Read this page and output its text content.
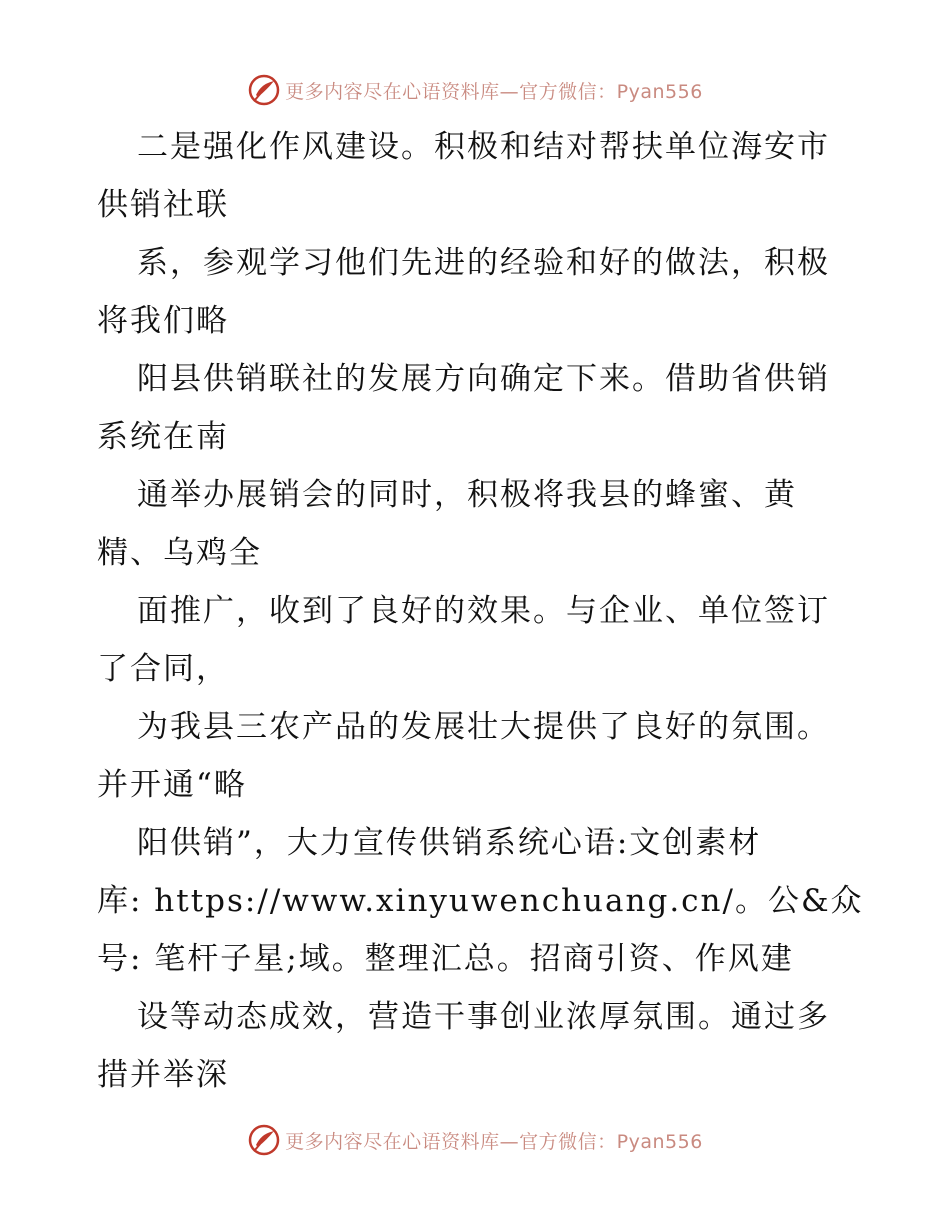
更多内容尽在心语资料库—官方微信：Pyan556
二是强化作风建设。积极和结对帮扶单位海安市
供销社联
系，参观学习他们先进的经验和好的做法，积极
将我们略
阳县供销联社的发展方向确定下来。借助省供销
系统在南
通举办展销会的同时，积极将我县的蜂蜜、黄
精、乌鸡全
面推广，收到了良好的效果。与企业、单位签订
了合同，
为我县三农产品的发展壮大提供了良好的氛围。
并开通“略
阳供销”，大力宣传供销系统心语:文创素材
库: https://www.xinyuwenchuang.cn/。公&众
号: 笔杆子星;域。整理汇总。招商引资、作风建
设等动态成效，营造干事创业浓厚氛围。通过多
措并举深
更多内容尽在心语资料库—官方微信：Pyan556
